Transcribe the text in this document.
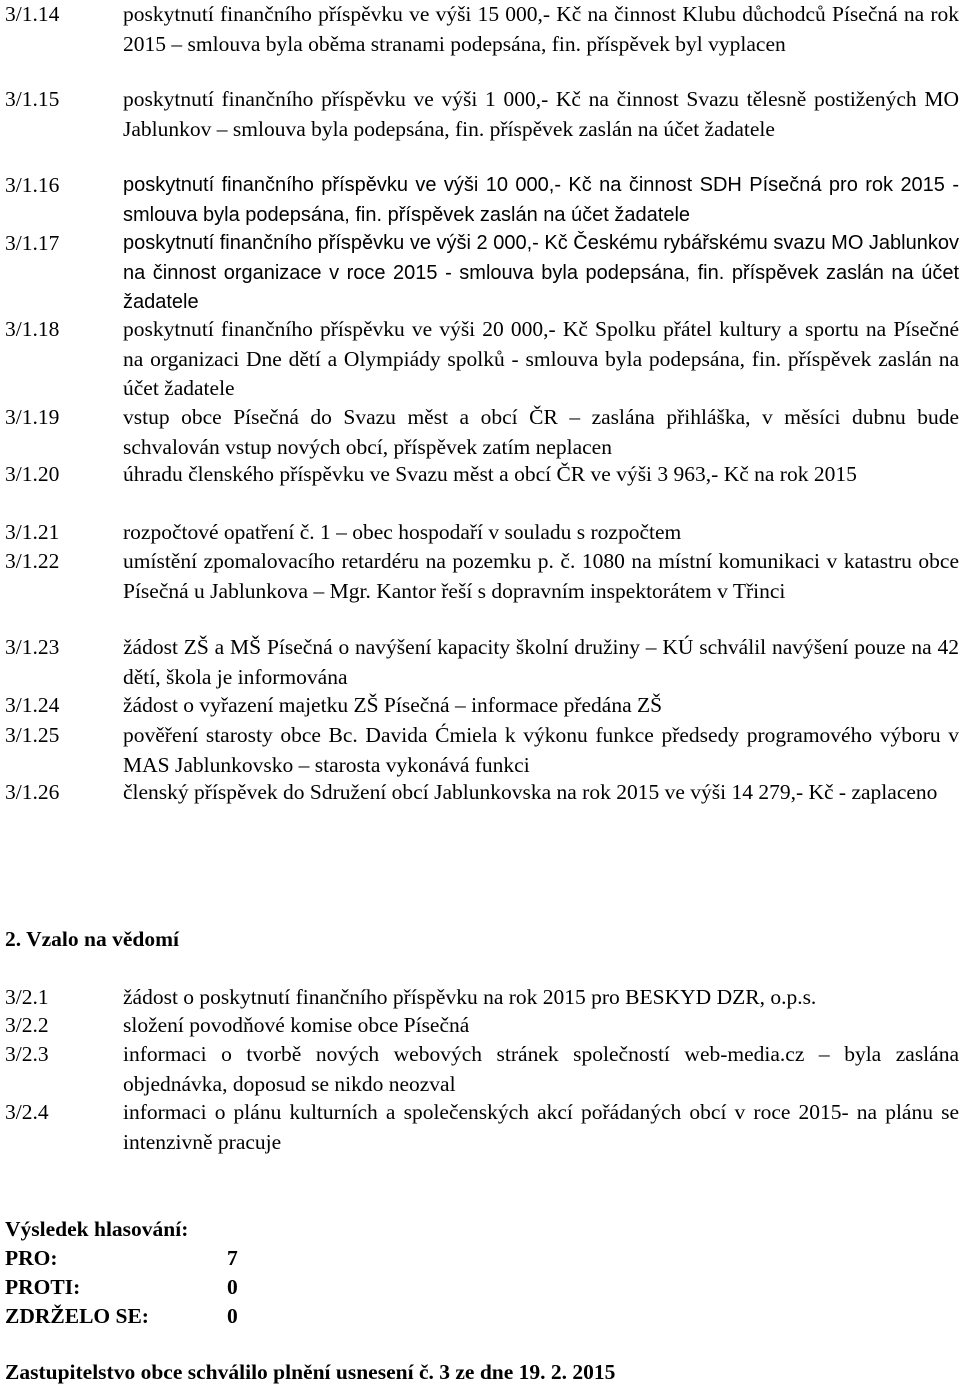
3/1.14	poskytnutí finančního příspěvku ve výši 15 000,- Kč na činnost Klubu důchodců Písečná na rok 2015 – smlouva byla oběma stranami podepsána, fin. příspěvek byl vyplacen
3/1.15	poskytnutí finančního příspěvku ve výši 1 000,- Kč na činnost Svazu tělesně postižených MO Jablunkov – smlouva byla podepsána, fin. příspěvek zaslán na účet žadatele
3/1.16	poskytnutí finančního příspěvku ve výši 10 000,- Kč na činnost SDH Písečná pro rok 2015 - smlouva byla podepsána, fin. příspěvek zaslán na účet žadatele
3/1.17	poskytnutí finančního příspěvku ve výši 2 000,- Kč Českému rybářskému svazu MO Jablunkov na činnost organizace v roce 2015 - smlouva byla podepsána, fin. příspěvek zaslán na účet žadatele
3/1.18	poskytnutí finančního příspěvku ve výši 20 000,- Kč Spolku přátel kultury a sportu na Písečné na organizaci Dne dětí a Olympiády spolků - smlouva byla podepsána, fin. příspěvek zaslán na účet žadatele
3/1.19	vstup obce Písečná do Svazu měst a obcí ČR – zaslána přihláška, v měsíci dubnu bude schvalován vstup nových obcí, příspěvek zatím neplacen
3/1.20	úhradu členského příspěvku ve Svazu měst a obcí ČR ve výši 3 963,- Kč na rok 2015
3/1.21	rozpočtové opatření č. 1 – obec hospodaří v souladu s rozpočtem
3/1.22	umístění zpomalovacího retardéru na pozemku p. č. 1080 na místní komunikaci v katastru obce Písečná u Jablunkova – Mgr. Kantor řeší s dopravním inspektorátem v Třinci
3/1.23	žádost ZŠ a MŠ Písečná o navýšení kapacity školní družiny – KÚ schválil navýšení pouze na 42 dětí, škola je informována
3/1.24	žádost o vyřazení majetku ZŠ Písečná – informace předána ZŠ
3/1.25	pověření starosty obce Bc. Davida Ćmiela k výkonu funkce předsedy programového výboru v MAS Jablunkovsko – starosta vykonává funkci
3/1.26	členský příspěvek do Sdružení obcí Jablunkovska na rok 2015 ve výši 14 279,- Kč - zaplaceno
2. Vzalo na vědomí
3/2.1	žádost o poskytnutí finančního příspěvku na rok 2015 pro BESKYD DZR, o.p.s.
3/2.2	složení povodňové komise obce Písečná
3/2.3	informaci o tvorbě nových webových stránek společností web-media.cz – byla zaslána objednávka, doposud se nikdo neozval
3/2.4	informaci o plánu kulturních a společenských akcí pořádaných obcí v roce 2015- na plánu se intenzivně pracuje
Výsledek hlasování:
PRO:	7
PROTI:	0
ZDRŽELO SE:	0
Zastupitelstvo obce schválilo plnění usnesení č. 3 ze dne 19. 2. 2015
